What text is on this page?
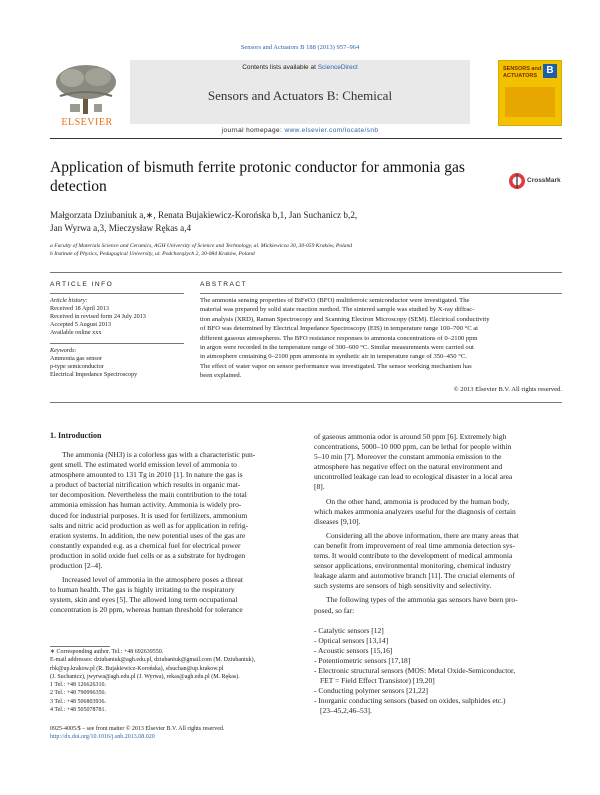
Sensors and Actuators B 188 (2013) 957–964
ELSEVIER
Contents lists available at ScienceDirect
Sensors and Actuators B: Chemical
journal homepage: www.elsevier.com/locate/snb
SENSORS and ACTUATORS B
Application of bismuth ferrite protonic conductor for ammonia gas
detection	CrossMark
Małgorzata Dziubaniuk a,∗, Renata Bujakiewicz-Korońska b,1, Jan Suchanicz b,2,
Jan Wyrwa a,3, Mieczysław Rękas a,4
a Faculty of Materials Science and Ceramics, AGH University of Science and Technology, al. Mickiewicza 30, 30-059 Kraków, Poland
b Institute of Physics, Pedagogical University, ul. Podchorążych 2, 30-084 Kraków, Poland
ARTICLE INFO
Article history:
Received 18 April 2013
Received in revised form 24 July 2013
Accepted 5 August 2013
Available online xxx
Keywords:
Ammonia gas sensor
p-type semiconductor
Electrical Impedance Spectroscopy
ABSTRACT
The ammonia sensing properties of BiFeO3 (BFO) multiferroic semiconductor were investigated. The
material was prepared by solid state reaction method. The sintered sample was studied by X-ray diffrac-
tion analysis (XRD), Raman Spectroscopy and Scanning Electron Microscopy (SEM). Electrical conductivity
of BFO was determined by Electrical Impedance Spectroscopy (EIS) in temperature range 100–700 °C at
different gaseous atmospheres. The BFO resistance responses to ammonia concentrations of 0–2100 ppm
in argon were recorded in the temperature range of 300–600 °C. Similar measurements were carried out
in atmosphere containing 0–2100 ppm ammonia in synthetic air in temperature range of 350–450 °C.
The effect of water vapor on sensor performance was investigated. The sensor working mechanism has
been explained.
© 2013 Elsevier B.V. All rights reserved.
1. Introduction
The ammonia (NH3) is a colorless gas with a characteristic pun-
gent smell. The estimated world emission level of ammonia to
atmosphere amounted to 131 Tg in 2010 [1]. In nature the gas is
a product of bacterial nitrification which results in organic mat-
ter decomposition. Nevertheless the main contribution to the total
ammonia emission has human activity. Ammonia is widely pro-
duced for industrial purposes. It is used for fertilizers, ammonium
salts and nitric acid production as well as for application in refrig-
eration systems. In addition, the new potential uses of the gas are
constantly expanded e.g. as a chemical fuel for electrical power
production in solid oxide fuel cells or as a substrate for hydrogen
production [2–4].
Increased level of ammonia in the atmosphere poses a threat
to human health. The gas is highly irritating to the respiratory
system, skin and eyes [5]. The allowed long term occupational
concentration is 20 ppm, whereas human threshold for tolerance
∗ Corresponding author. Tel.: +48 692639550.
E-mail addresses: dziubaniuk@agh.edu.pl, dziubaniuk@gmail.com (M. Dziubaniuk),
rbk@up.krakow.pl (R. Bujakiewicz-Korońska), sfsuchan@up.krakow.pl
(J. Suchanicz), jwyrwa@agh.edu.pl (J. Wyrwa), rekas@agh.edu.pl (M. Rękas).
1 Tel.: +48 126626310.
2 Tel.: +48 790996350.
3 Tel.: +48 506803936.
4 Tel.: +48 505078781.
of gaseous ammonia odor is around 50 ppm [6]. Extremely high
concentrations, 5000–10 000 ppm, can be lethal for people within
5–10 min [7]. Moreover the constant ammonia emission to the
atmosphere has negative effect on the natural environment and
uncontrolled leakage can lead to ecological disaster in a local area
[8].
On the other hand, ammonia is produced by the human body,
which makes ammonia analyzers useful for the diagnosis of certain
diseases [9,10].
Considering all the above information, there are many areas that
can benefit from improvement of real time ammonia detection sys-
tems. It would contribute to the development of medical ammonia
sensor applications, environmental monitoring, chemical industry
leakage alarm and automotive branch [11]. The crucial elements of
such systems are sensors of high sensitivity and selectivity.
The following types of the ammonia gas sensors have been pro-
posed, so far:
- Catalytic sensors [12]
- Optical sensors [13,14]
- Acoustic sensors [15,16]
- Potentiometric sensors [17,18]
- Electronic structural sensors (MOS: Metal Oxide-Semiconductor,
FET = Field Effect Transistor) [19,20]
- Conducting polymer sensors [21,22]
- Inorganic conducting sensors (based on oxides, sulphides etc.)
[23–45,2,46–53].
0925-4005/$ – see front matter © 2013 Elsevier B.V. All rights reserved.
http://dx.doi.org/10.1016/j.snb.2013.08.020
